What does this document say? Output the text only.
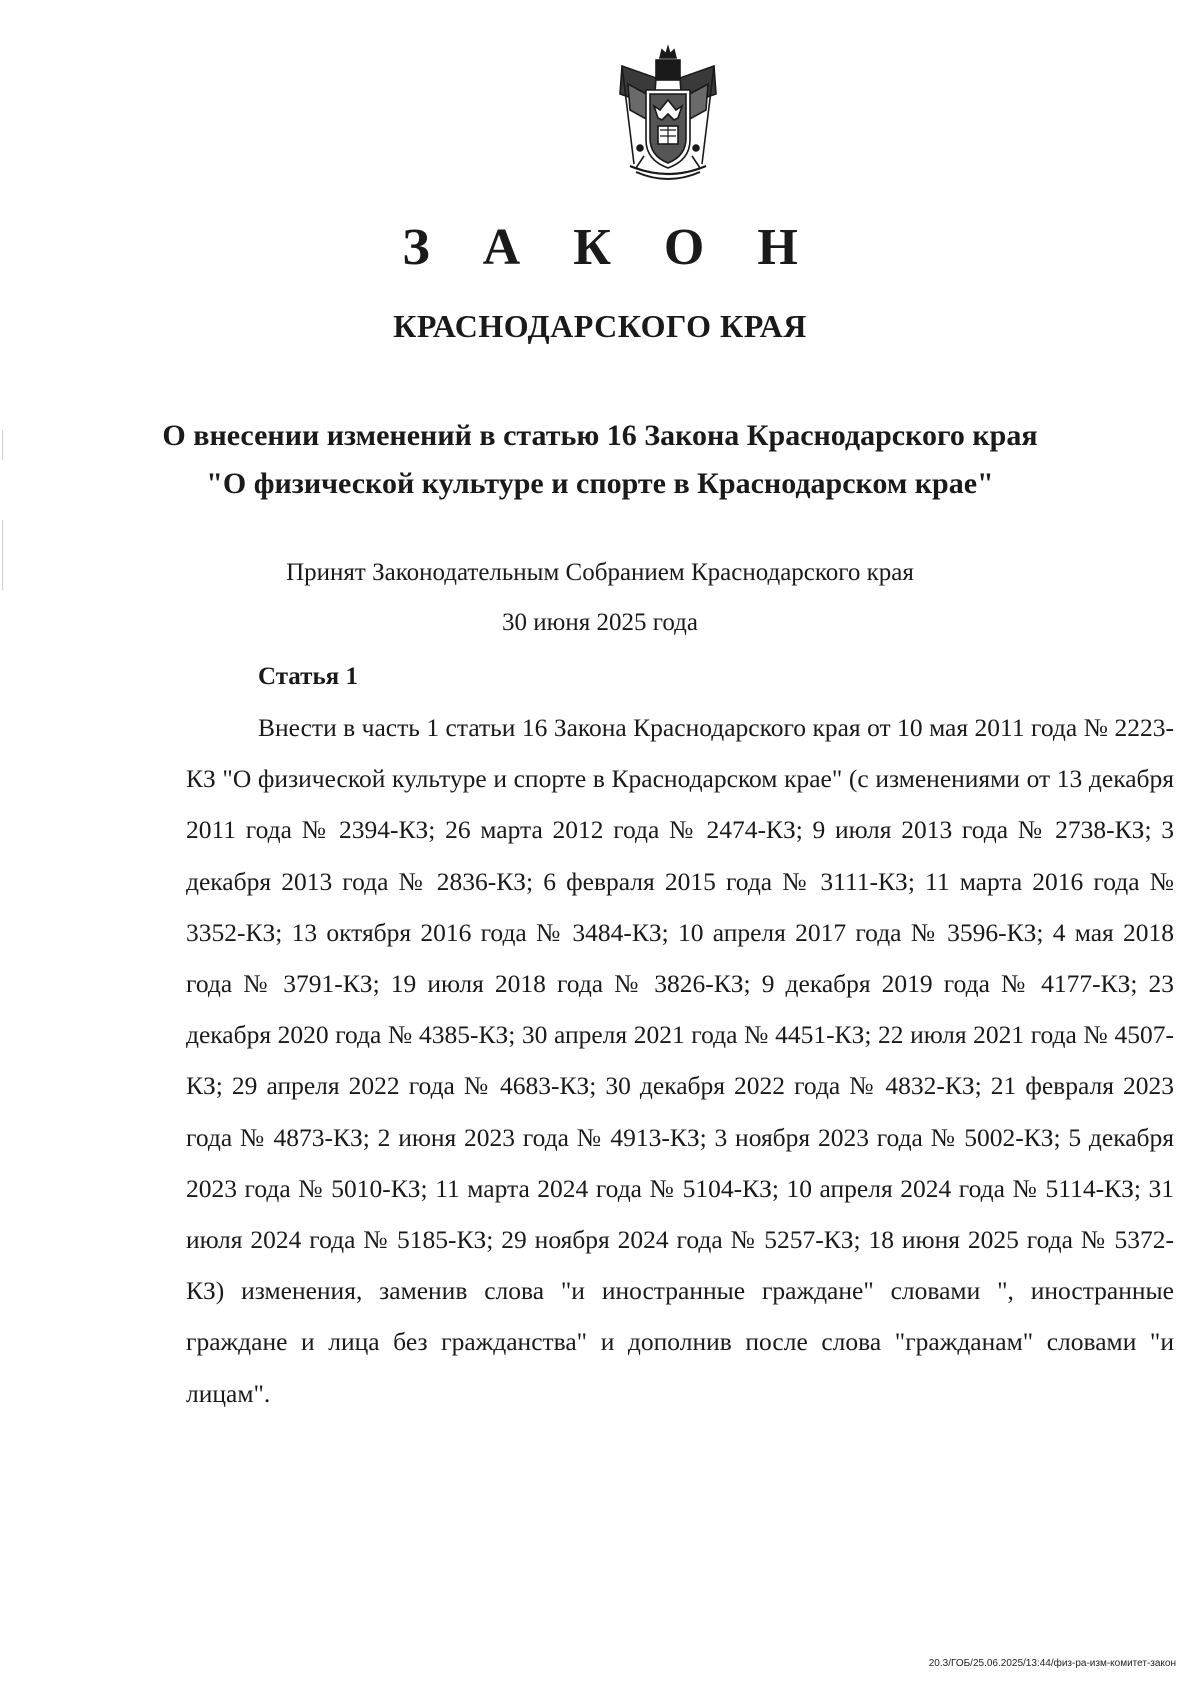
З А К О Н
КРАСНОДАРСКОГО КРАЯ
О внесении изменений в статью 16 Закона Краснодарского края
"О физической культуре и спорте в Краснодарском крае"
Принят Законодательным Собранием Краснодарского края
30 июня 2025 года
Статья 1

Внести в часть 1 статьи 16 Закона Краснодарского края от 10 мая 2011 года № 2223-КЗ "О физической культуре и спорте в Краснодарском крае" (с изменениями от 13 декабря 2011 года № 2394-КЗ; 26 марта 2012 года № 2474-КЗ; 9 июля 2013 года № 2738-КЗ; 3 декабря 2013 года № 2836-КЗ; 6 февраля 2015 года № 3111-КЗ; 11 марта 2016 года № 3352-КЗ; 13 октября 2016 года № 3484-КЗ; 10 апреля 2017 года № 3596-КЗ; 4 мая 2018 года № 3791-КЗ; 19 июля 2018 года № 3826-КЗ; 9 декабря 2019 года № 4177-КЗ; 23 декабря 2020 года № 4385-КЗ; 30 апреля 2021 года № 4451-КЗ; 22 июля 2021 года № 4507-КЗ; 29 апреля 2022 года № 4683-КЗ; 30 декабря 2022 года № 4832-КЗ; 21 февраля 2023 года № 4873-КЗ; 2 июня 2023 года № 4913-КЗ; 3 ноября 2023 года № 5002-КЗ; 5 декабря 2023 года № 5010-КЗ; 11 марта 2024 года № 5104-КЗ; 10 апреля 2024 года № 5114-КЗ; 31 июля 2024 года № 5185-КЗ; 29 ноября 2024 года № 5257-КЗ; 18 июня 2025 года № 5372-КЗ) изменения, заменив слова "и иностранные граждане" словами ", иностранные граждане и лица без гражданства" и дополнив после слова "гражданам" словами "и лицам".

20.3/ГОБ/25.06.2025/13:44/физ-ра-изм-комитет-закон
